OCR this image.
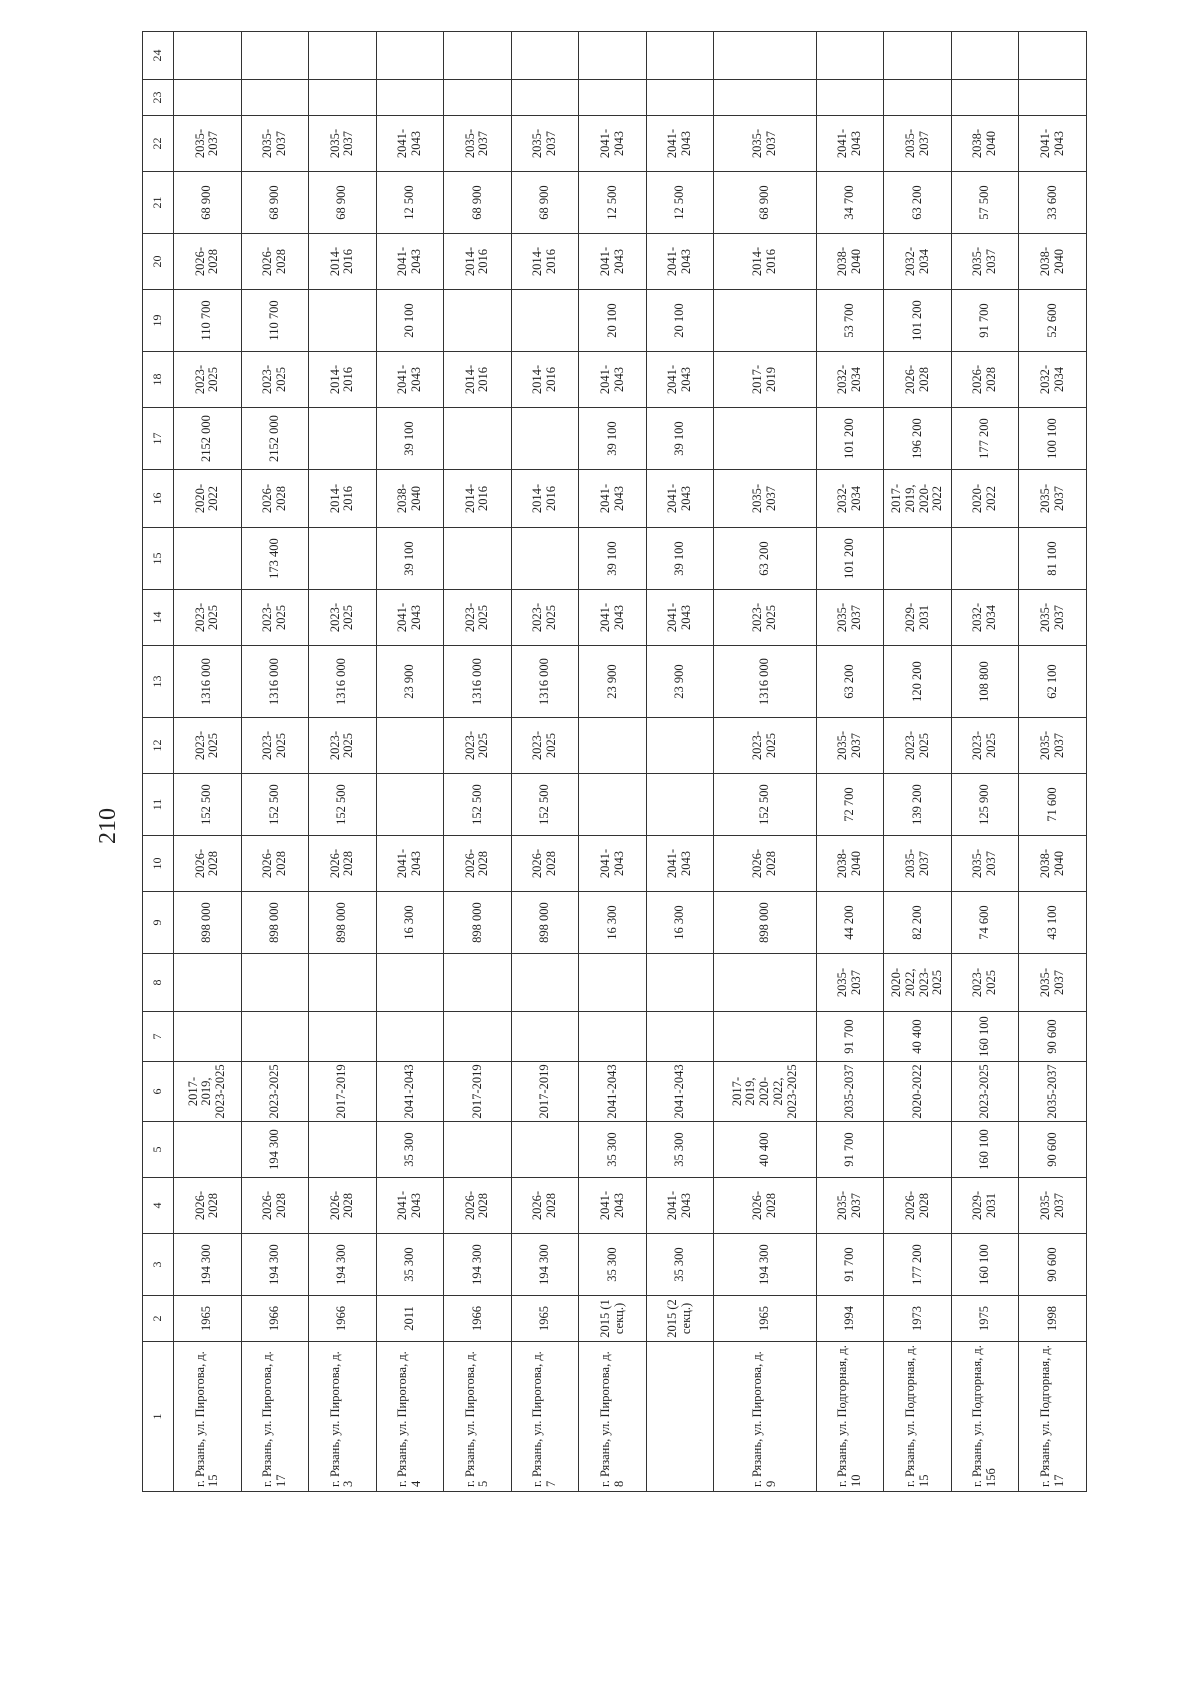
210
1	2	3	4	5	6	7	8	9	10	11	12	13	14	15	16	17	18	19	20	21	22	23	24
г. Рязань, ул. Пирогова, д. 15	1965	194 300	2026-2028		2017-2019, 2023-2025			898 000	2026-2028	152 500	2023-2025	1316 000	2023-2025		2020-2022	2152 000	2023-2025	110 700	2026-2028	68 900	2035-2037		
г. Рязань, ул. Пирогова, д. 17	1966	194 300	2026-2028	194 300	2023-2025			898 000	2026-2028	152 500	2023-2025	1316 000	2023-2025	173 400	2026-2028	2152 000	2023-2025	110 700	2026-2028	68 900	2035-2037		
г. Рязань, ул. Пирогова, д. 3	1966	194 300	2026-2028		2017-2019			898 000	2026-2028	152 500	2023-2025	1316 000	2023-2025		2014-2016		2014-2016		2014-2016	68 900	2035-2037		
г. Рязань, ул. Пирогова, д. 4	2011	35 300	2041-2043	35 300	2041-2043			16 300	2041-2043			23 900	2041-2043	39 100	2038-2040	39 100	2041-2043	20 100	2041-2043	12 500	2041-2043		
г. Рязань, ул. Пирогова, д. 5	1966	194 300	2026-2028		2017-2019			898 000	2026-2028	152 500	2023-2025	1316 000	2023-2025		2014-2016		2014-2016		2014-2016	68 900	2035-2037		
г. Рязань, ул. Пирогова, д. 7	1965	194 300	2026-2028		2017-2019			898 000	2026-2028	152 500	2023-2025	1316 000	2023-2025		2014-2016		2014-2016		2014-2016	68 900	2035-2037		
г. Рязань, ул. Пирогова, д. 8	2015 (1 секц.)	35 300	2041-2043	35 300	2041-2043			16 300	2041-2043			23 900	2041-2043	39 100	2041-2043	39 100	2041-2043	20 100	2041-2043	12 500	2041-2043		
	2015 (2 секц.)	35 300	2041-2043	35 300	2041-2043			16 300	2041-2043			23 900	2041-2043	39 100	2041-2043	39 100	2041-2043	20 100	2041-2043	12 500	2041-2043		
г. Рязань, ул. Пирогова, д. 9	1965	194 300	2026-2028	40 400	2017-2019, 2020-2022, 2023-2025			898 000	2026-2028	152 500	2023-2025	1316 000	2023-2025	63 200	2035-2037		2017-2019		2014-2016	68 900	2035-2037		
г. Рязань, ул. Подгорная, д. 10	1994	91 700	2035-2037	91 700	2035-2037	91 700	2035-2037	44 200	2038-2040	72 700	2035-2037	63 200	2035-2037	101 200	2032-2034	101 200	2032-2034	53 700	2038-2040	34 700	2041-2043		
г. Рязань, ул. Подгорная, д. 15	1973	177 200	2026-2028		2020-2022	40 400	2020-2022, 2023-2025	82 200	2035-2037	139 200	2023-2025	120 200	2029-2031		2017-2019, 2020-2022	196 200	2026-2028	101 200	2032-2034	63 200	2035-2037		
г. Рязань, ул. Подгорная, д. 15б	1975	160 100	2029-2031	160 100	2023-2025	160 100	2023-2025	74 600	2035-2037	125 900	2023-2025	108 800	2032-2034		2020-2022	177 200	2026-2028	91 700	2035-2037	57 500	2038-2040		
г. Рязань, ул. Подгорная, д. 17	1998	90 600	2035-2037	90 600	2035-2037	90 600	2035-2037	43 100	2038-2040	71 600	2035-2037	62 100	2035-2037	81 100	2035-2037	100 100	2032-2034	52 600	2038-2040	33 600	2041-2043		
